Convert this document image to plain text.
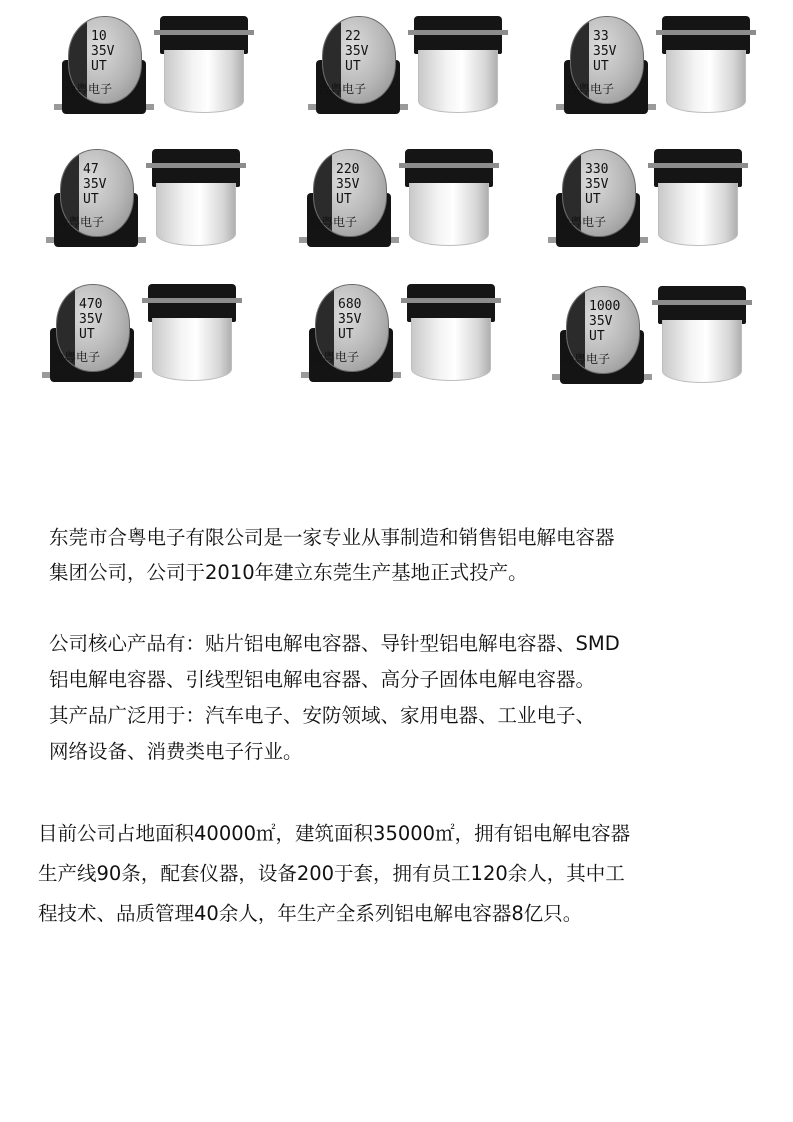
10
35V
UT
合粤电子
22
35V
UT
合粤电子
33
35V
UT
合粤电子
47
35V
UT
合粤电子
220
35V
UT
合粤电子
330
35V
UT
合粤电子
470
35V
UT
合粤电子
680
35V
UT
合粤电子
1000
35V
UT
合粤电子
东莞市合粤电子有限公司是一家专业从事制造和销售铝电解电容器
集团公司，公司于2010年建立东莞生产基地正式投产。
公司核心产品有：贴片铝电解电容器、导针型铝电解电容器、SMD
铝电解电容器、引线型铝电解电容器、高分子固体电解电容器。
其产品广泛用于：汽车电子、安防领域、家用电器、工业电子、
网络设备、消费类电子行业。
目前公司占地面积40000㎡，建筑面积35000㎡，拥有铝电解电容器
生产线90条，配套仪器，设备200于套，拥有员工120余人，其中工
程技术、品质管理40余人，年生产全系列铝电解电容器8亿只。
